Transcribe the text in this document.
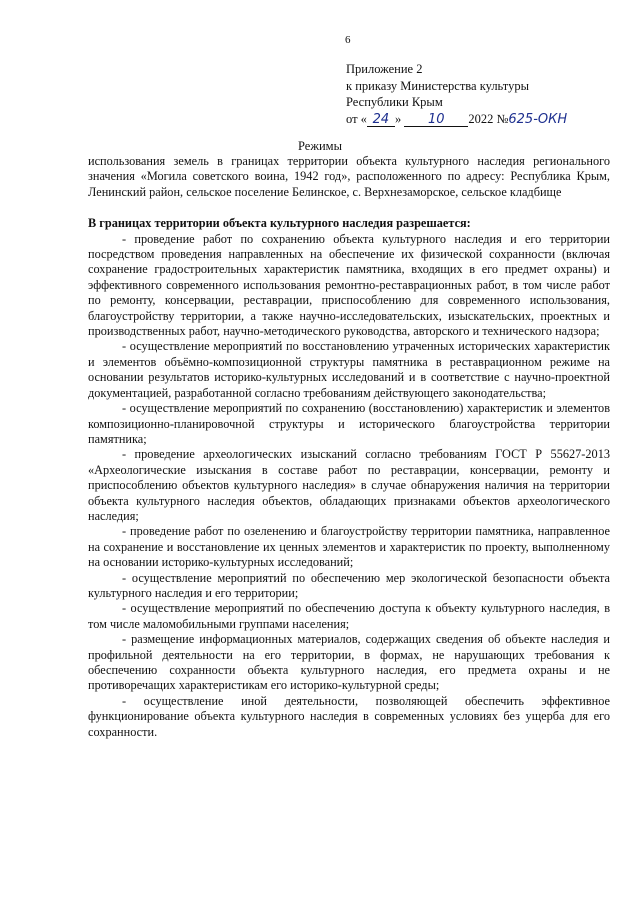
6
Приложение 2
к приказу Министерства культуры
Республики Крым
от « 24 » 10 2022 №625-ОКН
Режимы

использования земель в границах территории объекта культурного наследия регионального значения «Могила советского воина, 1942 год», расположенного по адресу: Республика Крым, Ленинский район, сельское поселение Белинское, с. Верхнезаморское, сельское кладбище

В границах территории объекта культурного наследия разрешается:

- проведение работ по сохранению объекта культурного наследия и его территории посредством проведения направленных на обеспечение их физической сохранности (включая сохранение градостроительных характеристик памятника, входящих в его предмет охраны) и эффективного современного использования ремонтно-реставрационных работ, в том числе работ по ремонту, консервации, реставрации, приспособлению для современного использования, благоустройству территории, а также научно-исследовательских, изыскательских, проектных и производственных работ, научно-методического руководства, авторского и технического надзора;

- осуществление мероприятий по восстановлению утраченных исторических характеристик и элементов объёмно-композиционной структуры памятника в реставрационном режиме на основании результатов историко-культурных исследований и в соответствие с научно-проектной документацией, разработанной согласно требованиям действующего законодательства;

- осуществление мероприятий по сохранению (восстановлению) характеристик и элементов композиционно-планировочной структуры и исторического благоустройства территории памятника;

- проведение археологических изысканий согласно требованиям ГОСТ Р 55627-2013 «Археологические изыскания в составе работ по реставрации, консервации, ремонту и приспособлению объектов культурного наследия» в случае обнаружения наличия на территории объекта культурного наследия объектов, обладающих признаками объектов археологического наследия;

- проведение работ по озеленению и благоустройству территории памятника, направленное на сохранение и восстановление их ценных элементов и характеристик по проекту, выполненному на основании историко-культурных исследований;

- осуществление мероприятий по обеспечению мер экологической безопасности объекта культурного наследия и его территории;

- осуществление мероприятий по обеспечению доступа к объекту культурного наследия, в том числе маломобильными группами населения;

- размещение информационных материалов, содержащих сведения об объекте наследия и профильной деятельности на его территории, в формах, не нарушающих требования к обеспечению сохранности объекта культурного наследия, его предмета охраны и не противоречащих характеристикам его историко-культурной среды;

- осуществление иной деятельности, позволяющей обеспечить эффективное функционирование объекта культурного наследия в современных условиях без ущерба для его сохранности.
